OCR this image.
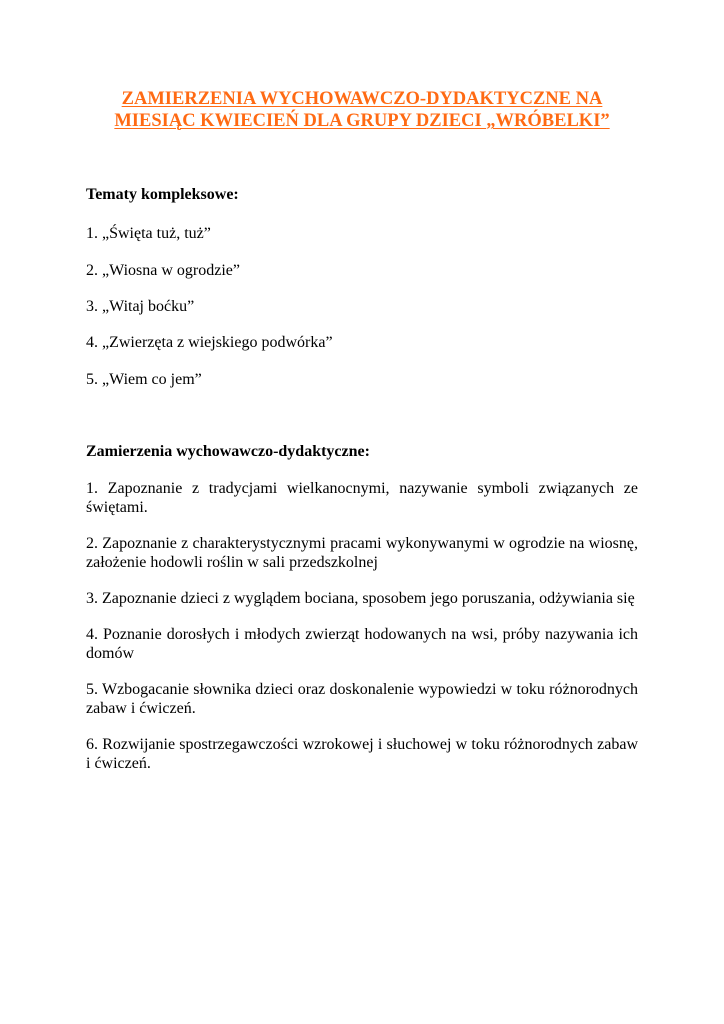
ZAMIERZENIA WYCHOWAWCZO-DYDAKTYCZNE NA
MIESIĄC KWIECIEŃ DLA GRUPY DZIECI „WRÓBELKI”
Tematy kompleksowe:
1. „Święta tuż, tuż”
2. „Wiosna w ogrodzie”
3. „Witaj boćku”
4. „Zwierzęta z wiejskiego podwórka”
5. „Wiem co jem”
Zamierzenia wychowawczo-dydaktyczne:
1. Zapoznanie z tradycjami wielkanocnymi, nazywanie symboli związanych ze świętami.
2. Zapoznanie z charakterystycznymi pracami wykonywanymi w ogrodzie na wiosnę, założenie hodowli roślin w sali przedszkolnej
3. Zapoznanie dzieci z wyglądem bociana, sposobem jego poruszania, odżywiania się
4. Poznanie dorosłych i młodych zwierząt hodowanych na wsi, próby nazywania ich domów
5. Wzbogacanie słownika dzieci oraz doskonalenie wypowiedzi w toku różnorodnych zabaw i ćwiczeń.
6. Rozwijanie spostrzegawczości wzrokowej i słuchowej w toku różnorodnych zabaw i ćwiczeń.
